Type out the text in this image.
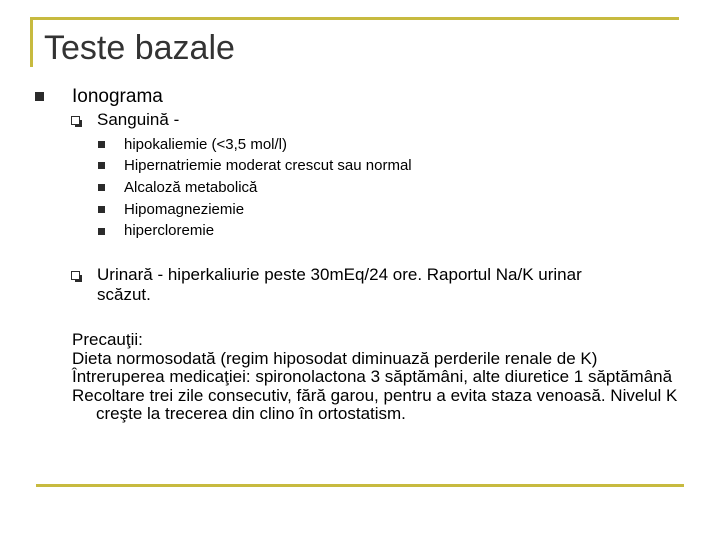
Teste bazale
Ionograma
Sanguină -
hipokaliemie (<3,5 mol/l)
Hipernatriemie moderat crescut sau normal
Alcaloză metabolică
Hipomagneziemie
hipercloremie
Urinară - hiperkaliurie peste 30mEq/24 ore. Raportul Na/K urinar
scăzut.

Precauţii:

Dieta normosodată (regim hiposodat diminuază perderile renale de K)

Întreruperea medicaţiei: spironolactona 3 săptămâni, alte diuretice 1 săptămână

Recoltare trei zile consecutiv, fără garou, pentru a evita staza venoasă. Nivelul K creşte la trecerea din clino în ortostatism.
